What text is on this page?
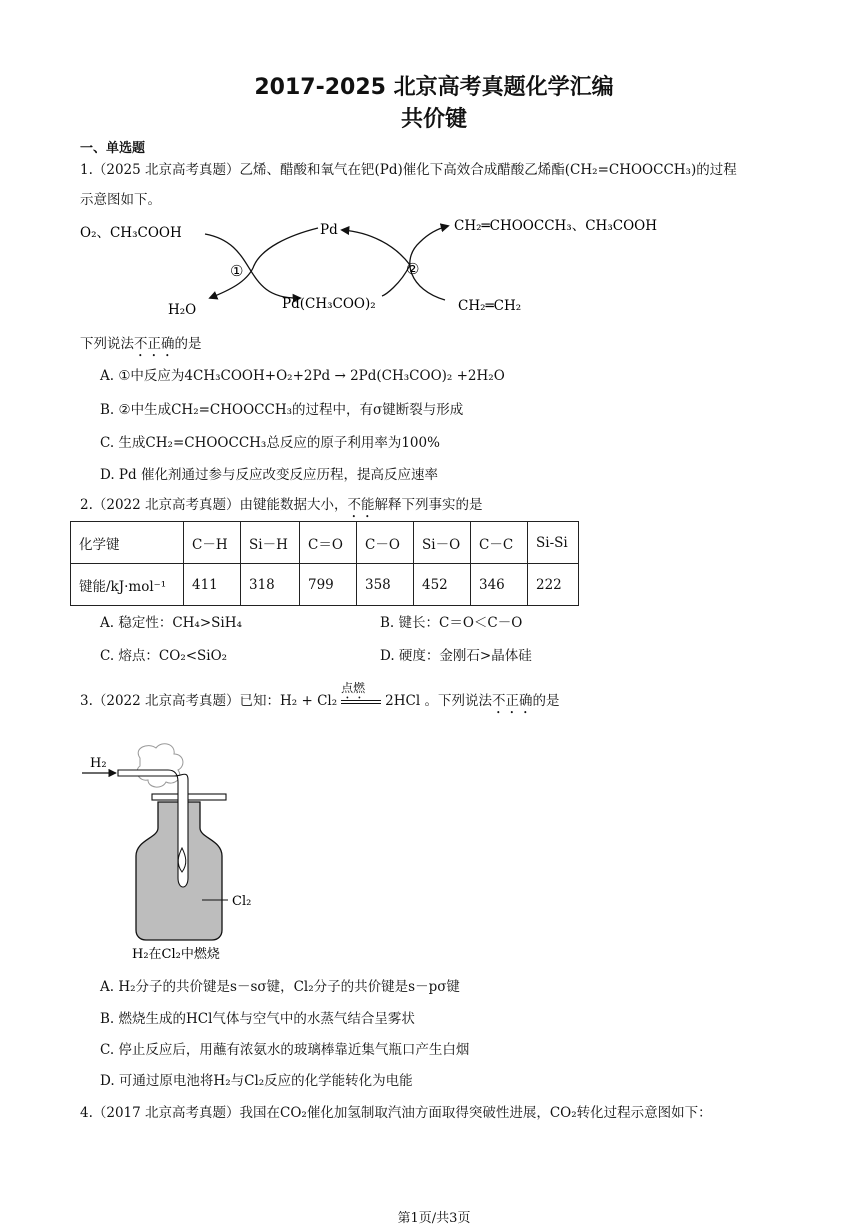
2017-2025 北京高考真题化学汇编
共价键
一、单选题
1.（2025 北京高考真题）乙烯、醋酸和氧气在钯(Pd)催化下高效合成醋酸乙烯酯(CH₂=CHOOCCH₃)的过程
示意图如下。
O₂、CH₃COOH	Pd	CH₂═CHOOCCH₃、CH₃COOH
①	②
H₂O	Pd(CH₃COO)₂	CH₂═CH₂
下列说法不正确的是
A. ①中反应为4CH₃COOH+O₂+2Pd → 2Pd(CH₃COO)₂ +2H₂O
B. ②中生成CH₂=CHOOCCH₃的过程中，有σ键断裂与形成
C. 生成CH₂=CHOOCCH₃总反应的原子利用率为100%
D. Pd 催化剂通过参与反应改变反应历程，提高反应速率
2.（2022 北京高考真题）由键能数据大小，不能解释下列事实的是
化学键	C－H	Si－H	C＝O	C－O	Si－O	C－C	Si-Si
键能/kJ·mol⁻¹	411	318	799	358	452	346	222
A. 稳定性：CH₄>SiH₄	B. 键长：C＝O＜C－O
C. 熔点：CO₂<SiO₂	D. 硬度：金刚石>晶体硅
3.（2022 北京高考真题）已知：H₂ + Cl₂
点燃
2HCl 。下列说法不正确的是
H₂
Cl₂
H₂在Cl₂中燃烧
A. H₂分子的共价键是s－sσ键，Cl₂分子的共价键是s－pσ键
B. 燃烧生成的HCl气体与空气中的水蒸气结合呈雾状
C. 停止反应后，用蘸有浓氨水的玻璃棒靠近集气瓶口产生白烟
D. 可通过原电池将H₂与Cl₂反应的化学能转化为电能
4.（2017 北京高考真题）我国在CO₂催化加氢制取汽油方面取得突破性进展，CO₂转化过程示意图如下：
第1页/共3页
